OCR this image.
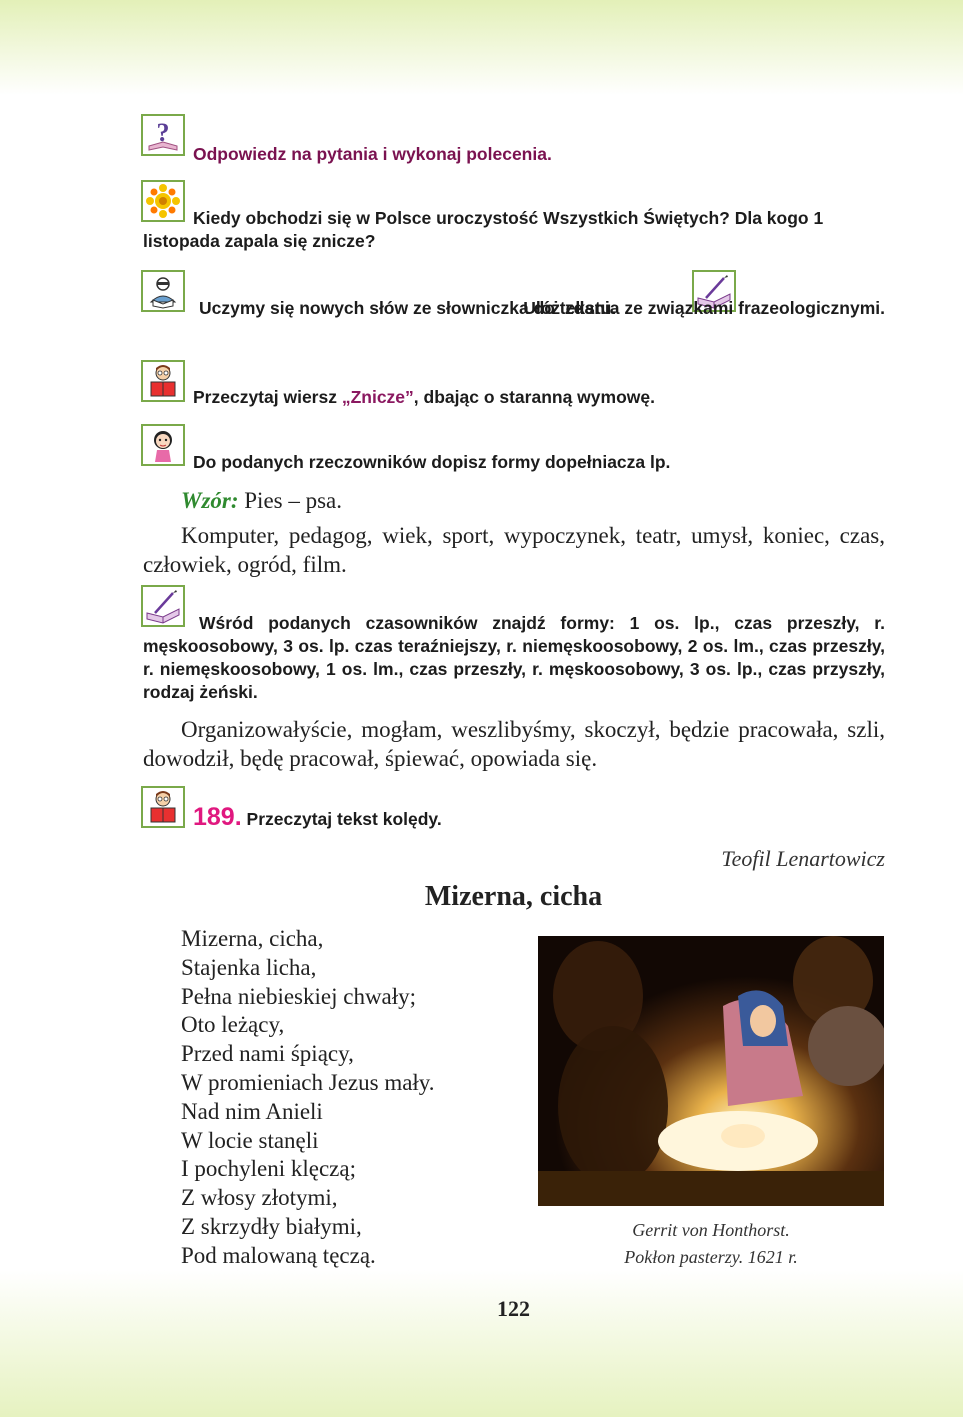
?
Odpowiedz na pytania i wykonaj polecenia.
Kiedy obchodzi się w Polsce uroczystość Wszystkich Świętych? Dla kogo 1 listopada zapala się znicze?
Uczymy się nowych słów ze słowniczka do tekstu.
Ułóż zdania ze związkami frazeologicznymi.
Przeczytaj wiersz „Znicze”, dbając o staranną wymowę.
Do podanych rzeczowników dopisz formy dopełniacza lp.
Wzór: Pies – psa.
Komputer, pedagog, wiek, sport, wypoczynek, teatr, umysł, koniec, czas, człowiek, ogród, film.
Wśród podanych czasowników znajdź formy: 1 os. lp., czas przeszły, r. męskoosobowy, 3 os. lp. czas teraźniejszy, r. niemęskoosobowy, 2 os. lm., czas przeszły, r. niemęskoosobowy, 1 os. lm., czas przeszły, r. męskoosobowy, 3 os. lp., czas przyszły, rodzaj żeński.
Organizowałyście, mogłam, weszlibyśmy, skoczył, będzie pracowała, szli, dowodził, będę pracował, śpiewać, opowiada się.
189. Przeczytaj tekst kolędy.
Teofil Lenartowicz
Mizerna, cicha
Mizerna, cicha,
Stajenka licha,
Pełna niebieskiej chwały;
Oto leżący,
Przed nami śpiący,
W promieniach Jezus mały.
Nad nim Anieli
W locie stanęli
I pochyleni klęczą;
Z włosy złotymi,
Z skrzydły białymi,
Pod malowaną tęczą.
Gerrit von Honthorst.
Pokłon pasterzy. 1621 r.
122
